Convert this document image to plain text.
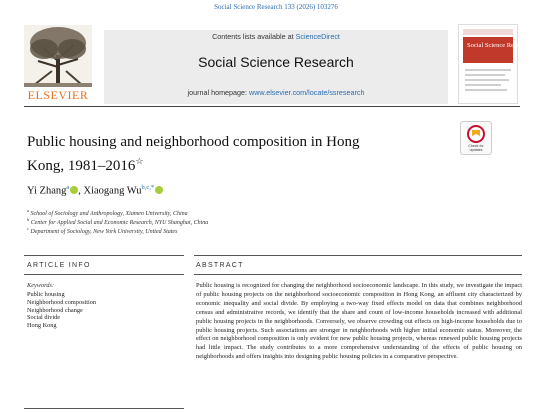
Social Science Research 133 (2026) 103276
ELSEVIER
Contents lists available at ScienceDirect
Social Science Research
journal homepage: www.elsevier.com/locate/ssresearch
Social Science Research
Public housing and neighborhood composition in Hong
Kong, 1981–2016☆
Check for updates
Yi Zhang$^a$ , Xiaogang $Wu^{b,c,*}$
$^a$ School of Sociology and Anthropology, Xiamen University, China
$^b$ Center for Applied Social and Economic Research, NYU Shanghai, China
$^c$ Department of Sociology, New York University, United States
ARTICLE INFO
Keywords:
Public housing
Neighborhood composition
Neighborhood change
Social divide
Hong Kong
ABSTRACT
Public housing is recognized for changing the neighborhood socioeconomic landscape. In this study, we investigate the impact of public housing projects on the neighborhood socioeconomic composition in Hong Kong, an affluent city characterized by economic inequality and social divide. By employing a two-way fixed effects model on data that combines neighborhood census and administrative records, we identify that the share and count of low-income households increased with additional public housing projects in the neighborhoods. Conversely, we observe crowding out effects on high-income households due to public housing projects. Such associations are stronger in neighborhoods with higher initial economic status. Moreover, the effect on neighborhood composition is only evident for new public housing projects, whereas renewed public housing projects had little impact. The study contributes to a more comprehensive understanding of the effects of public housing on neighborhoods and offers insights into designing public housing policies in a comparative perspective.
